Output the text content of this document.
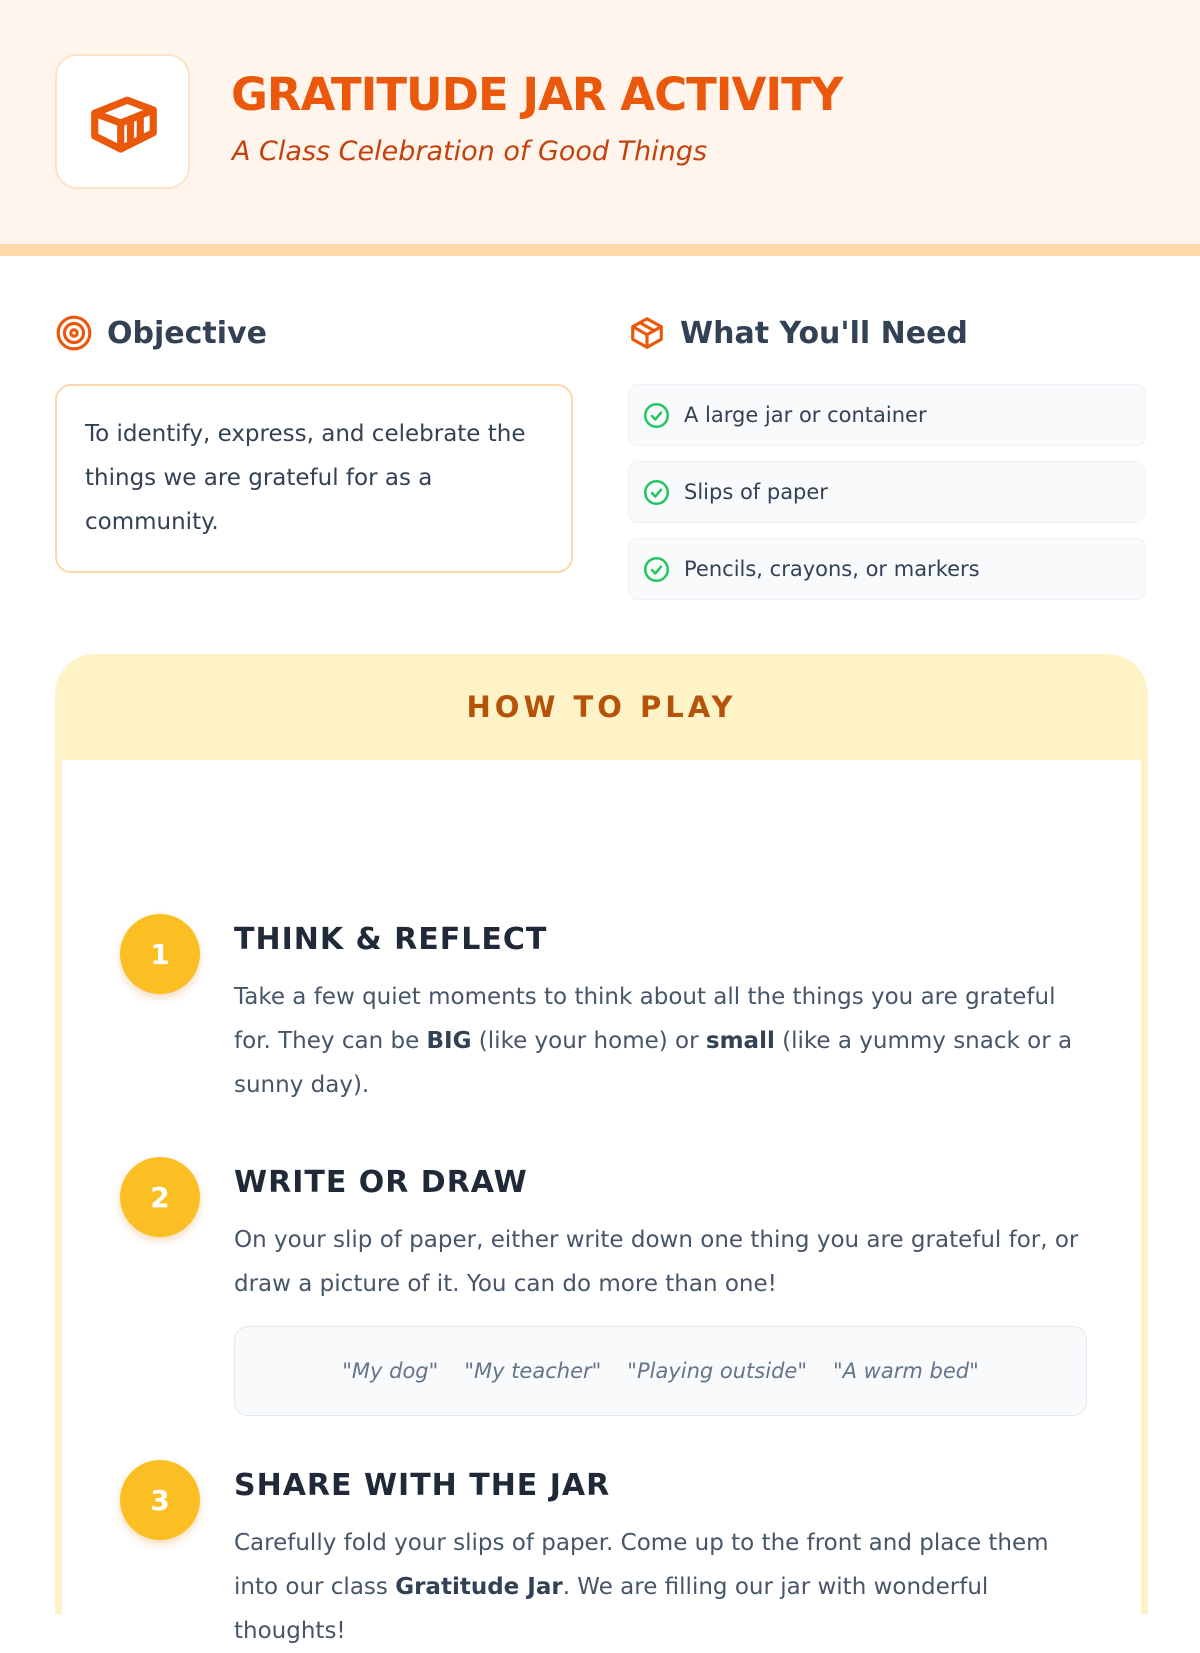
GRATITUDE JAR ACTIVITY
A Class Celebration of Good Things
Objective

To identify, express, and celebrate the things we are grateful for as a community.

What You'll Need
A large jar or container
Slips of paper
Pencils, crayons, or markers
HOW TO PLAY
1	THINK & REFLECT

Take a few quiet moments to think about all the things you are grateful for. They can be BIG (like your home) or small (like a yummy snack or a sunny day).

2	WRITE OR DRAW

On your slip of paper, either write down one thing you are grateful for, or draw a picture of it. You can do more than one!

"My dog" "My teacher" "Playing outside" "A warm bed"
3	SHARE WITH THE JAR

Carefully fold your slips of paper. Come up to the front and place them into our class Gratitude Jar. We are filling our jar with wonderful thoughts!
